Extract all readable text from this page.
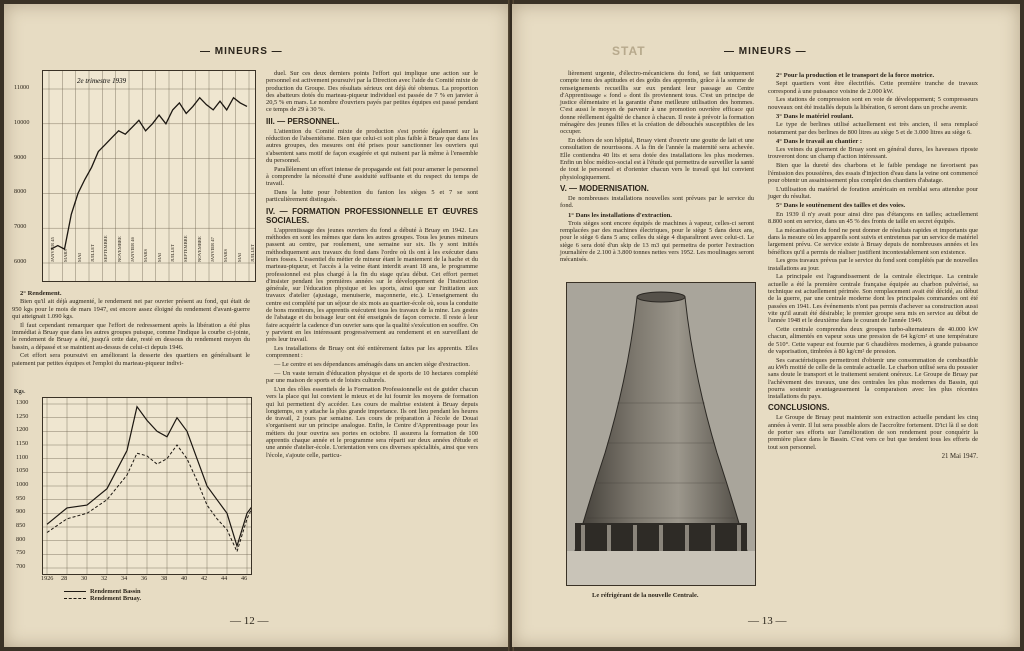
— MINEURS —
2e trimestre 1939
11000
10000
9000
8000
7000
6000	JANVIER 45 MARS MAI JUILLET SEPTEMBRE NOVEMBRE JANVIER 46 MARS MAI JUILLET SEPTEMBRE NOVEMBRE JANVIER 47 MARS MAI JUILLET
2° Rendement.

Bien qu'il ait déjà augmenté, le rendement net par ouvrier présent au fond, qui était de 950 kgs pour le mois de mars 1947, est encore assez éloigné du rendement d'avant-guerre qui atteignait 1.090 kgs.

Il faut cependant remarquer que l'effort de redressement après la libération a été plus immédiat à Bruay que dans les autres groupes puisque, comme l'indique la courbe ci-jointe, le rendement de Bruay a été, jusqu'à cette date, resté en dessous du rendement moyen du bassin, a dépassé et se maintient au-dessus de celui-ci depuis 1946.

Cet effort sera poursuivi en améliorant la desserte des quartiers en généralisant le paiement par petites équipes et l'emploi du marteau-piqueur indivi-

Kgs.
1300
1250
1200
1150
1100
1050
1000
950
900
850
800
750
700
1926 28 30 32 34 36 38 40 42 44 46
Rendement Bassin
Rendement Bruay.

duel. Sur ces deux derniers points l'effort qui implique une action sur le personnel est activement poursuivi par la Direction avec l'aide du Comité mixte de production du Groupe. Des résultats sérieux ont déjà été obtenus. La proportion des abatteurs dotés du marteau-piqueur individuel est passée de 7 % en janvier à 20,5 % en mars. Le nombre d'ouvriers payés par petites équipes est passé pendant ce temps de 29 à 30 %.

III. — PERSONNEL.

L'attention du Comité mixte de production s'est portée également sur la réduction de l'absentéisme. Bien que celui-ci soit plus faible à Bruay que dans les autres groupes, des mesures ont été prises pour sanctionner les ouvriers qui s'absentent sans motif de façon exagérée et qui nuisent par là même à l'ensemble du personnel.

Parallèlement un effort intense de propagande est fait pour amener le personnel à comprendre la nécessité d'une assiduité suffisante et du respect du temps de travail.

Dans la lutte pour l'obtention du fanion les sièges 5 et 7 se sont particulièrement distingués.

IV. — FORMATION PROFESSIONNELLE ET ŒUVRES SOCIALES.

L'apprentissage des jeunes ouvriers du fond a débuté à Bruay en 1942. Les méthodes en sont les mêmes que dans les autres groupes. Tous les jeunes mineurs passent au centre, par roulement, une semaine sur six. Ils y sont initiés méthodiquement aux travaux du fond dans l'ordre où ils ont à les exécuter dans leurs fosses. L'essentiel du métier de mineur étant le maniement de la hache et du marteau-piqueur, et l'accès à la veine étant interdit avant 18 ans, le programme professionnel est plus chargé à la fin du stage qu'au début. Cet effort permet d'insister pendant les premières années sur le développement de l'instruction générale, sur l'éducation physique et les sports, ainsi que sur l'initiation aux travaux d'atelier (ajustage, menuiserie, maçonnerie, etc.). L'enseignement du centre est complété par un séjour de six mois au quartier-école où, sous la conduite de bons moniteurs, les apprentis exécutent tous les travaux de la mine. Les gestes de l'abatage et du boisage leur ont été enseignés de façon correcte. Il reste à leur faire acquérir la cadence d'un ouvrier sans que la qualité s'exécution en souffre. On y parvient en les intéressant progressivement au rendement et en surveillant de près leur travail.

Les installations de Bruay ont été entièrement faites par les apprentis. Elles comprennent :

— Le centre et ses dépendances aménagés dans un ancien siège d'extraction.

— Un vaste terrain d'éducation physique et de sports de 10 hectares complété par une maison de sports et de loisirs culturels.

L'un des rôles essentiels de la Formation Professionnelle est de guider chacun vers la place qui lui convient le mieux et de lui fournir les moyens de formation qui lui permettent d'y accéder. Les cours de maîtrise existent à Bruay depuis longtemps, on y attache la plus grande importance. Ils ont lieu pendant les heures de travail, 2 jours par semaine. Les cours de préparation à l'école de Douai s'organisent sur un principe analogue. Enfin, le Centre d'Apprentissage pour les métiers du jour ouvrira ses portes en octobre. Il assurera la formation de 100 apprentis chaque année et le programme sera réparti sur deux années d'étude et une année d'atelier-école. L'orientation vers ces diverses spécialités, ainsi que vers l'école, s'ajoute celle, particu-

— 12 —
STAT	— MINEURS —

lièrement urgente, d'électro-mécaniciens du fond, se fait uniquement compte tenu des aptitudes et des goûts des apprentis, grâce à la somme de renseignements recueillis sur eux pendant leur passage au Centre d'Apprentissage « fond » dont ils proviennent tous. C'est un principe de justice élémentaire et la garantie d'une meilleure utilisation des hommes. C'est aussi le moyen de parvenir à une promotion ouvrière efficace qui donne réellement égalité de chance à chacun. Il reste à prévoir la formation ménagère des jeunes filles et la création de débouchés susceptibles de les occuper.

En dehors de son hôpital, Bruay vient d'ouvrir une goutte de lait et une consultation de nourrissons. A la fin de l'année la maternité sera achevée. Elle contiendra 40 lits et sera dotée des installations les plus modernes. Enfin un bloc médico-social est à l'étude qui permettra de surveiller la santé de tout le personnel et d'orienter chacun vers le travail qui lui convient physiologiquement.

V. — MODERNISATION.

De nombreuses installations nouvelles sont prévues par le service du fond.

1° Dans les installations d'extraction.

Trois sièges sont encore équipés de machines à vapeur, celles-ci seront remplacées par des machines électriques, pour le siège 5 dans deux ans, pour le siège 6 dans 5 ans; celles du siège 4 disparaîtront avec celui-ci. Le siège 6 sera doté d'un skip de 13 m3 qui permettra de porter l'extraction journalière de 2.100 à 3.800 tonnes nettes vers 1952. Les moulinages seront mécanisés.

2° Pour la production et le transport de la force motrice.

Sept quartiers vont être électrifiés. Cette première tranche de travaux correspond à une puissance voisine de 2.000 kW.

Les stations de compression sont en voie de développement; 5 compresseurs nouveaux ont été installés depuis la libération, 6 seront dans un proche avenir.

3° Dans le matériel roulant.

Le type de berlines utilisé actuellement est très ancien, il sera remplacé notamment par des berlines de 800 litres au siège 5 et de 3.000 litres au siège 6.

4° Dans le travail au chantier :

Les veines du gisement de Bruay sont en général dures, les haveuses riposte trouveront donc un champ d'action intéressant.

Bien que la dureté des charbons et le faible pendage ne favorisent pas l'émission des poussières, des essais d'injection d'eau dans la veine ont commencé pour obtenir un assainissement plus complet des chantiers d'abatage.

L'utilisation du matériel de foration américain en remblai sera attendue pour juger du résultat.

5° Dans le soutènement des tailles et des voies.

En 1939 il n'y avait pour ainsi dire pas d'étançons en tailles; actuellement 8.800 sont en service, dans un 45 % des fronts de taille en secret équipés.

La mécanisation du fond ne peut donner de résultats rapides et importants que dans la mesure où les appareils sont suivis et entretenus par un service de matériel largement prévu. Ce service existe à Bruay depuis de nombreuses années et les bénéfices qu'il a permis de réaliser justifient incontestablement son existence.

Les gros travaux prévus par le service du fond sont complétés par de nouvelles installations au jour.

La principale est l'agrandissement de la centrale électrique. La centrale actuelle a été la première centrale française équipée au charbon pulvérisé, sa technique est actuellement périmée. Son remplacement avait été décidé, au début de la guerre, par une centrale moderne dont les principales commandes ont été passées en 1941. Les événements n'ont pas permis d'achever sa construction aussi vite qu'il aurait été désirable; le premier groupe sera mis en service au début de l'année 1948 et le deuxième dans le courant de l'année 1949.

Cette centrale comprendra deux groupes turbo-alternateurs de 40.000 kW chacun, alimentés en vapeur sous une pression de 64 kg/cm² et une température de 510°. Cette vapeur est fournie par 6 chaudières modernes, à grande puissance de vaporisation, timbrées à 80 kg/cm² de pression.

Ses caractéristiques permettront d'obtenir une consommation de combustible au kWh moitié de celle de la centrale actuelle. Le charbon utilisé sera du poussier sans doute le transport et le traitement seraient onéreux. Le Groupe de Bruay par l'achèvement des travaux, une des centrales les plus modernes du Bassin, qui pourra soutenir avantageusement la comparaison avec les plus récentes installations du pays.

CONCLUSIONS.

Le Groupe de Bruay peut maintenir son extraction actuelle pendant les cinq années à venir. Il lui sera possible alors de l'accroître fortement. D'ici là il se doit de porter ses efforts sur l'amélioration de son rendement pour conquérir la première place dans le Bassin. C'est vers ce but que tendent tous les efforts de tout son personnel.

21 Mai 1947.
— 13 —
Le réfrigérant de la nouvelle Centrale.
